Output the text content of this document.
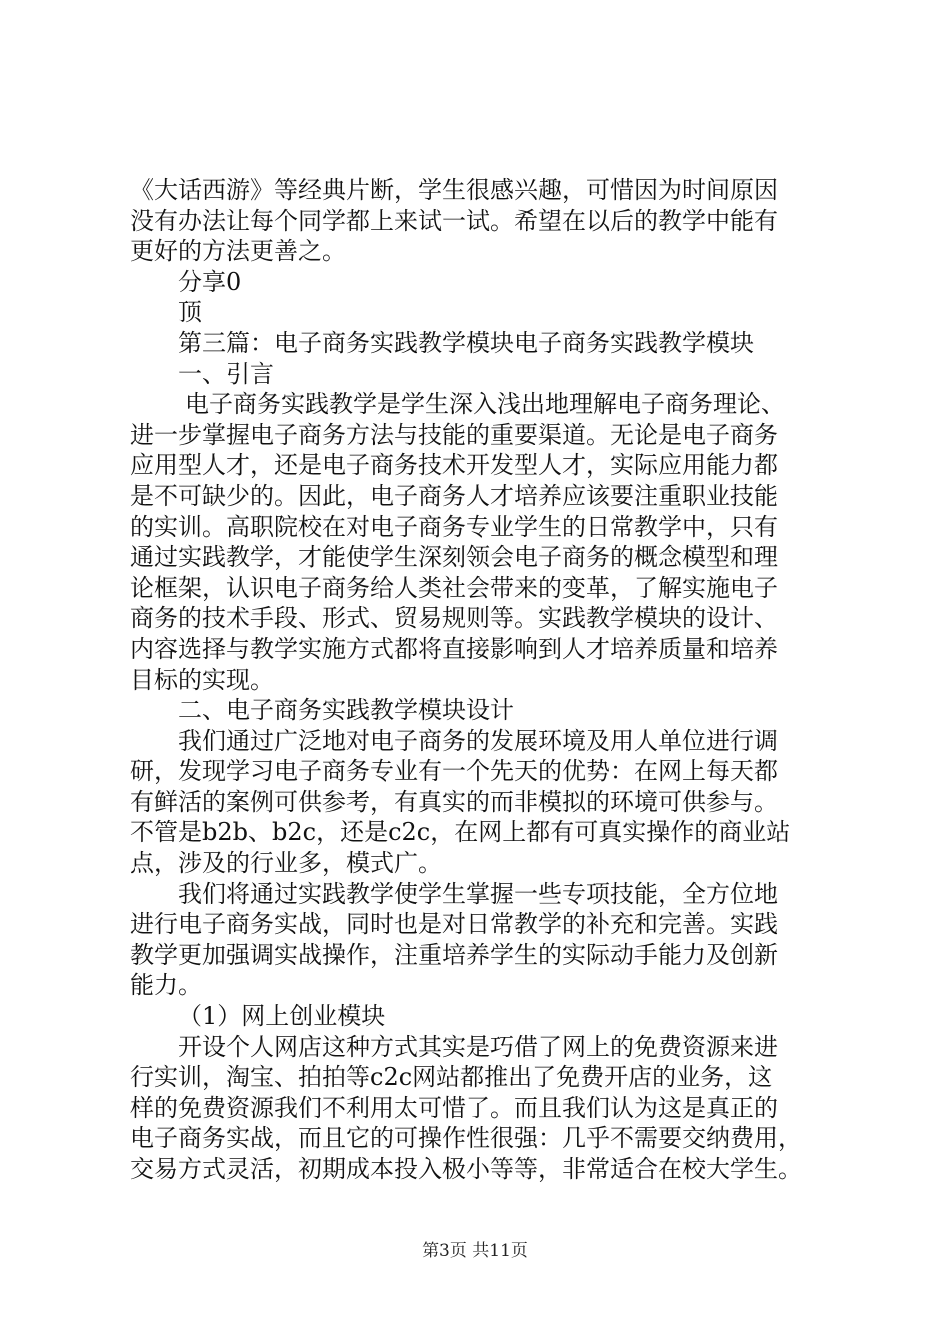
《大话西游》等经典片断，学生很感兴趣，可惜因为时间原因
没有办法让每个同学都上来试一试。希望在以后的教学中能有
更好的方法更善之。
分享0
顶
第三篇：电子商务实践教学模块电子商务实践教学模块
一、引言
电子商务实践教学是学生深入浅出地理解电子商务理论、
进一步掌握电子商务方法与技能的重要渠道。无论是电子商务
应用型人才，还是电子商务技术开发型人才，实际应用能力都
是不可缺少的。因此，电子商务人才培养应该要注重职业技能
的实训。高职院校在对电子商务专业学生的日常教学中，只有
通过实践教学，才能使学生深刻领会电子商务的概念模型和理
论框架，认识电子商务给人类社会带来的变革，了解实施电子
商务的技术手段、形式、贸易规则等。实践教学模块的设计、
内容选择与教学实施方式都将直接影响到人才培养质量和培养
目标的实现。
二、电子商务实践教学模块设计
我们通过广泛地对电子商务的发展环境及用人单位进行调
研，发现学习电子商务专业有一个先天的优势：在网上每天都
有鲜活的案例可供参考，有真实的而非模拟的环境可供参与。
不管是b2b、b2c，还是c2c，在网上都有可真实操作的商业站
点，涉及的行业多，模式广。
我们将通过实践教学使学生掌握一些专项技能，全方位地
进行电子商务实战，同时也是对日常教学的补充和完善。实践
教学更加强调实战操作，注重培养学生的实际动手能力及创新
能力。
（1）网上创业模块
开设个人网店这种方式其实是巧借了网上的免费资源来进
行实训，淘宝、拍拍等c2c网站都推出了免费开店的业务，这
样的免费资源我们不利用太可惜了。而且我们认为这是真正的
电子商务实战，而且它的可操作性很强：几乎不需要交纳费用，
交易方式灵活，初期成本投入极小等等，非常适合在校大学生。
第3页 共11页
